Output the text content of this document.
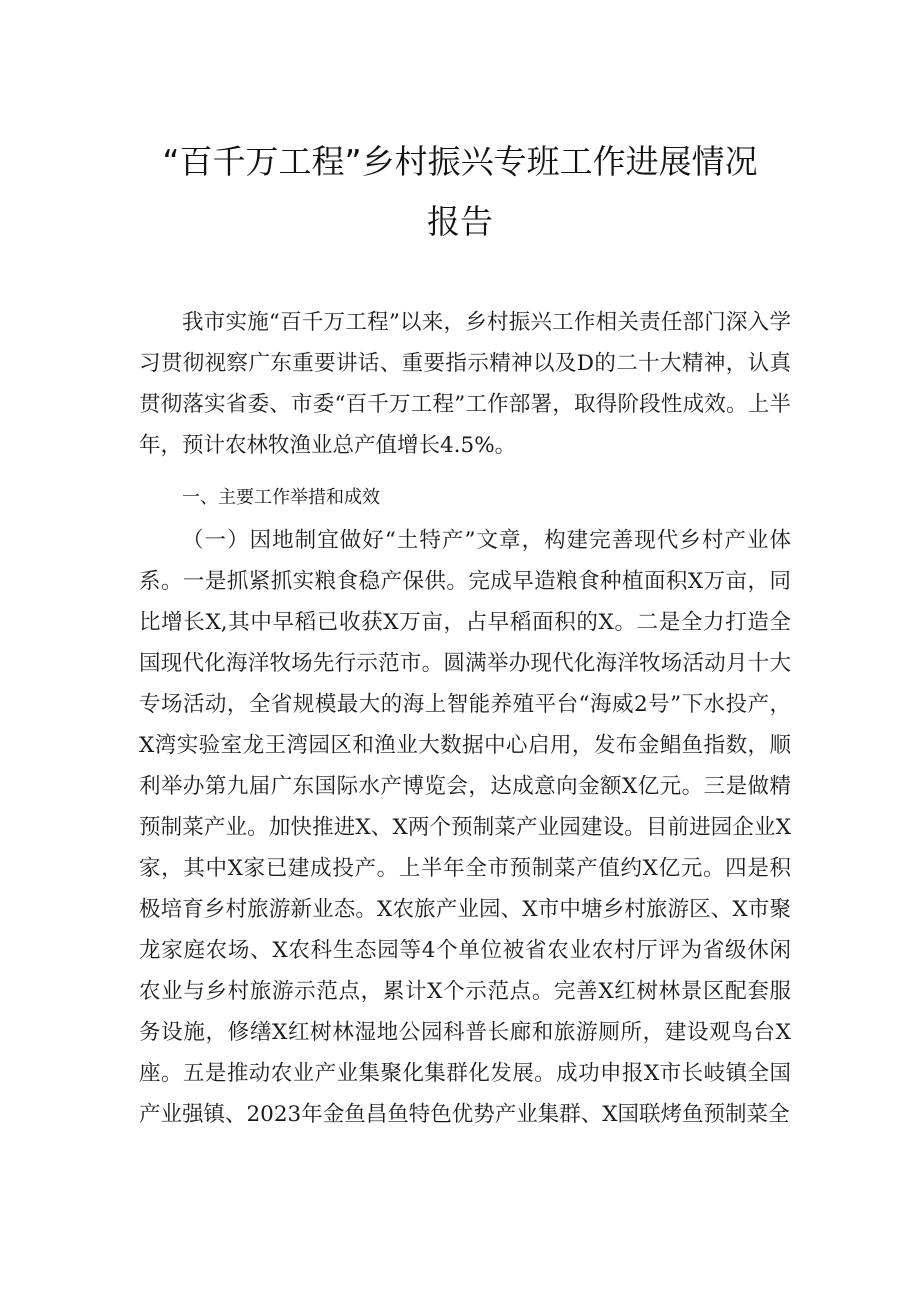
“百千万工程”乡村振兴专班工作进展情况
报告

我市实施“百千万工程”以来，乡村振兴工作相关责任部门深入学习贯彻视察广东重要讲话、重要指示精神以及D的二十大精神，认真贯彻落实省委、市委“百千万工程”工作部署，取得阶段性成效。上半年，预计农林牧渔业总产值增长4.5%。

一、主要工作举措和成效

（一）因地制宜做好“土特产”文章，构建完善现代乡村产业体系。一是抓紧抓实粮食稳产保供。完成早造粮食种植面积X万亩，同比增长X,其中早稻已收获X万亩，占早稻面积的X。二是全力打造全国现代化海洋牧场先行示范市。圆满举办现代化海洋牧场活动月十大专场活动，全省规模最大的海上智能养殖平台“海威2号”下水投产，X湾实验室龙王湾园区和渔业大数据中心启用，发布金鲳鱼指数，顺利举办第九届广东国际水产博览会，达成意向金额X亿元。三是做精预制菜产业。加快推进X、X两个预制菜产业园建设。目前进园企业X家，其中X家已建成投产。上半年全市预制菜产值约X亿元。四是积极培育乡村旅游新业态。X农旅产业园、X市中塘乡村旅游区、X市聚龙家庭农场、X农科生态园等4个单位被省农业农村厅评为省级休闲农业与乡村旅游示范点，累计X个示范点。完善X红树林景区配套服务设施，修缮X红树林湿地公园科普长廊和旅游厕所，建设观鸟台X座。五是推动农业产业集聚化集群化发展。成功申报X市长岐镇全国产业强镇、2023年金鱼昌鱼特色优势产业集群、X国联烤鱼预制菜全
